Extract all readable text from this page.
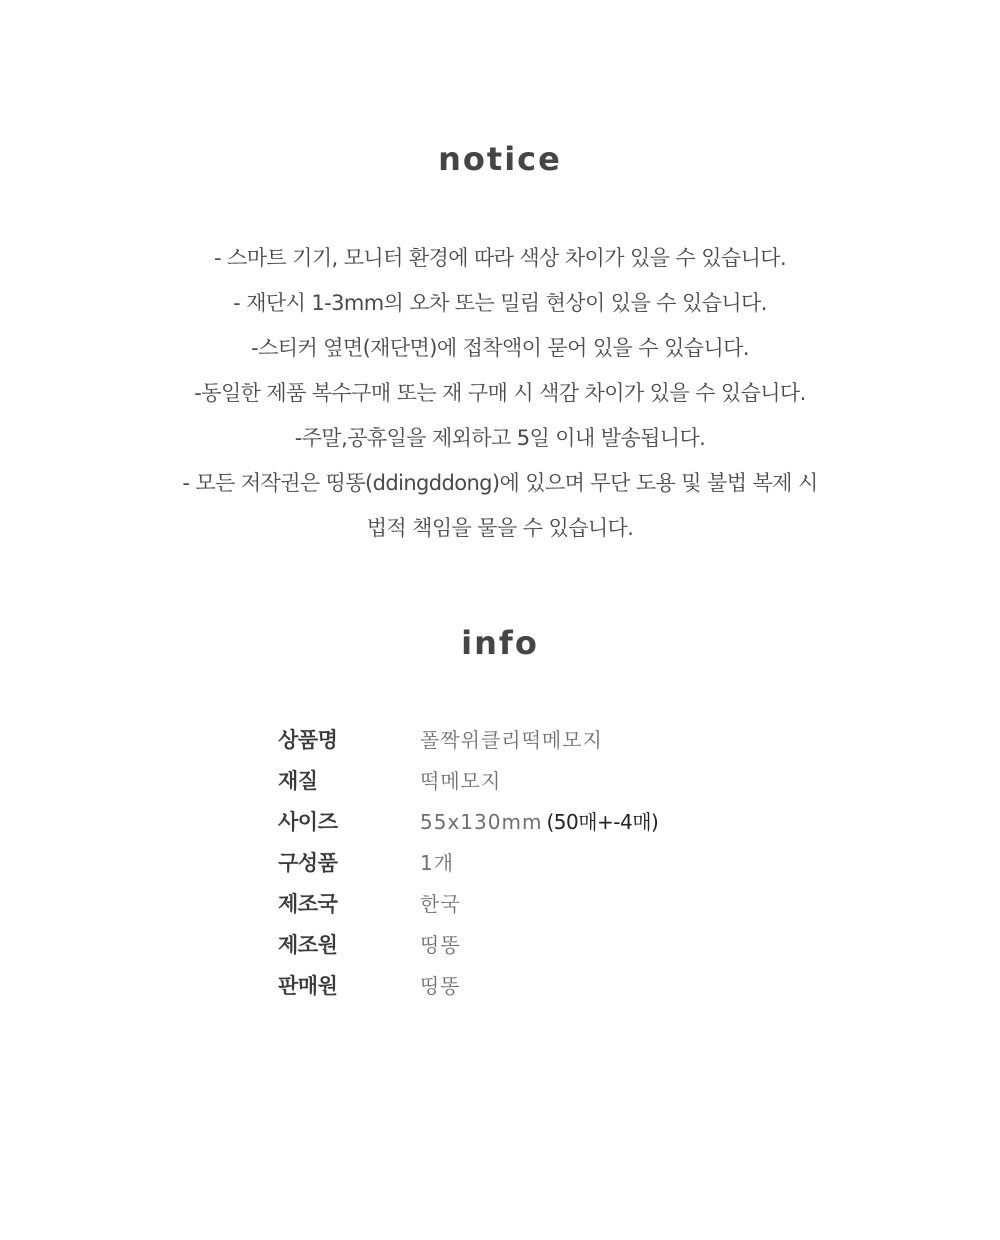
notice
- 스마트 기기, 모니터 환경에 따라 색상 차이가 있을 수 있습니다.
- 재단시 1-3mm의 오차 또는 밀림 현상이 있을 수 있습니다.
-스티커 옆면(재단면)에 접착액이 묻어 있을 수 있습니다.
-동일한 제품 복수구매 또는 재 구매 시 색감 차이가 있을 수 있습니다.
-주말,공휴일을 제외하고 5일 이내 발송됩니다.
- 모든 저작권은 띵똥(ddingddong)에 있으며 무단 도용 및 불법 복제 시
법적 책임을 물을 수 있습니다.
info
상품명	폴짝위클리떡메모지
재질	떡메모지
사이즈	55x130mm (50매+-4매)
구성품	1개
제조국	한국
제조원	띵똥
판매원	띵똥
